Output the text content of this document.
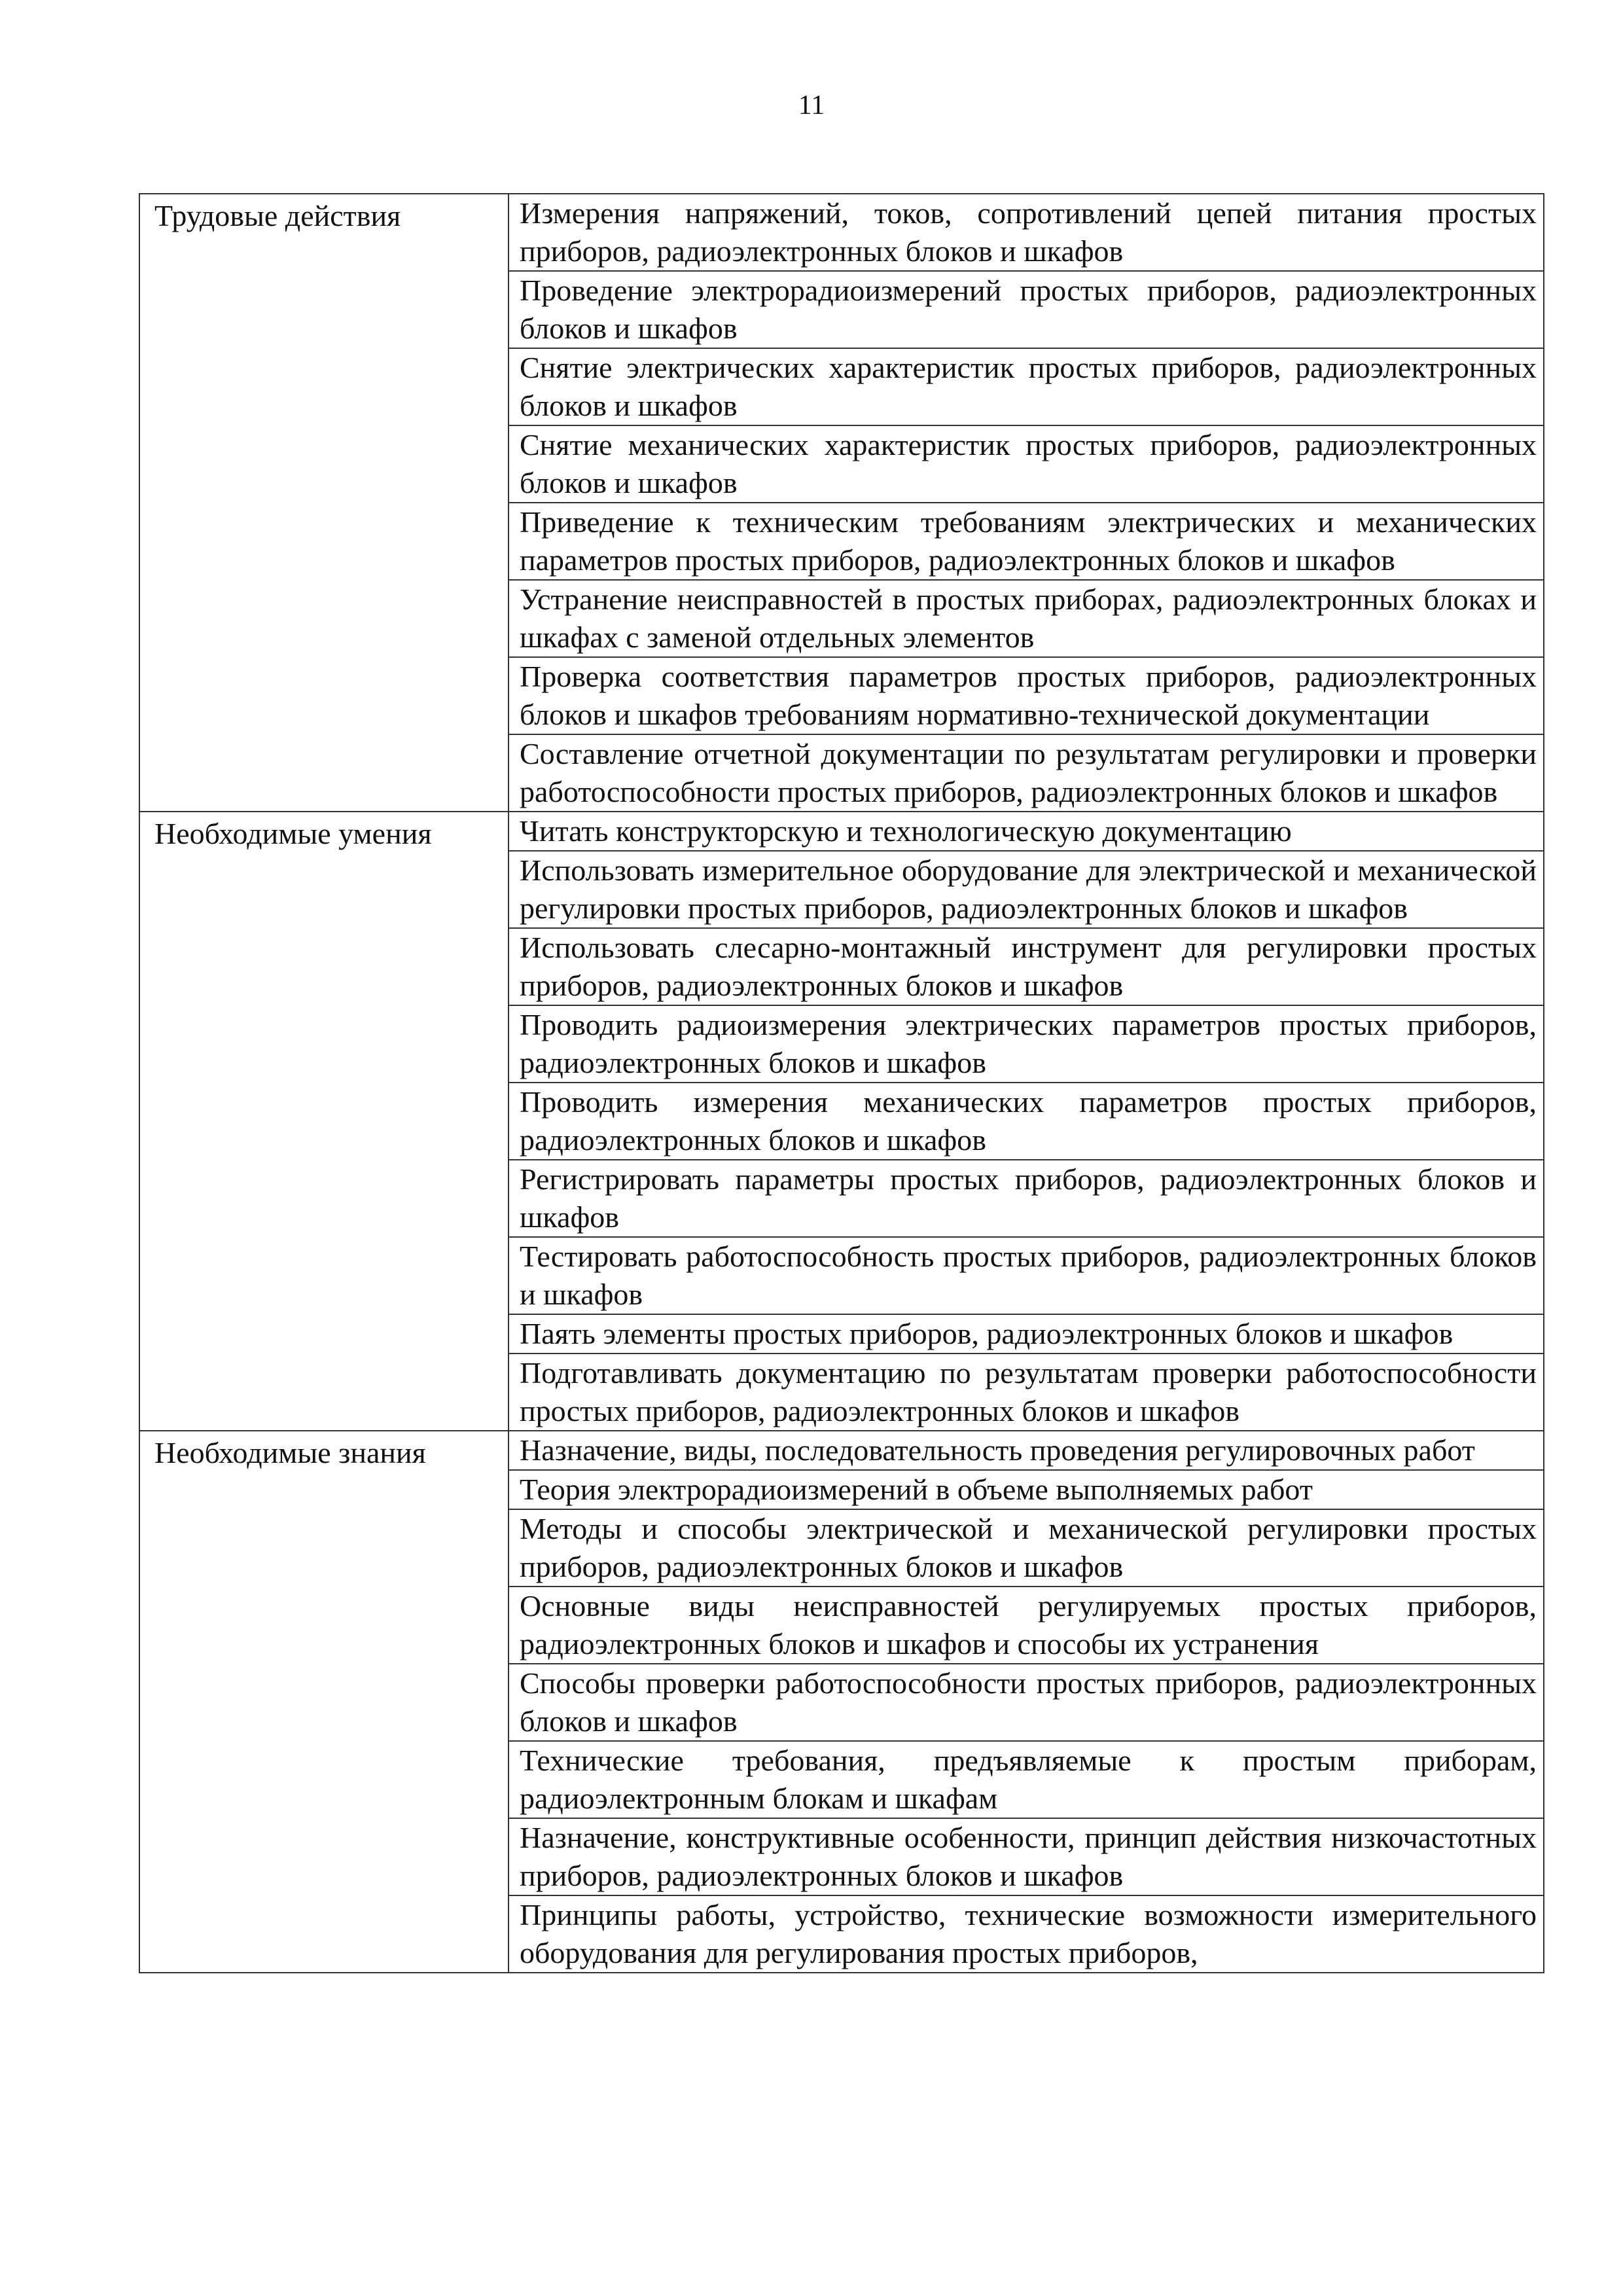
11
Трудовые действия	Измерения напряжений, токов, сопротивлений цепей питания простых приборов, радиоэлектронных блоков и шкафов
	Проведение электрорадиоизмерений простых приборов, радиоэлектронных блоков и шкафов
	Снятие электрических характеристик простых приборов, радиоэлектронных блоков и шкафов
	Снятие механических характеристик простых приборов, радиоэлектронных блоков и шкафов
	Приведение к техническим требованиям электрических и механических параметров простых приборов, радиоэлектронных блоков и шкафов
	Устранение неисправностей в простых приборах, радиоэлектронных блоках и шкафах с заменой отдельных элементов
	Проверка соответствия параметров простых приборов, радиоэлектронных блоков и шкафов требованиям нормативно-технической документации
	Составление отчетной документации по результатам регулировки и проверки работоспособности простых приборов, радиоэлектронных блоков и шкафов
Необходимые умения	Читать конструкторскую и технологическую документацию
	Использовать измерительное оборудование для электрической и механической регулировки простых приборов, радиоэлектронных блоков и шкафов
	Использовать слесарно-монтажный инструмент для регулировки простых приборов, радиоэлектронных блоков и шкафов
	Проводить радиоизмерения электрических параметров простых приборов, радиоэлектронных блоков и шкафов
	Проводить измерения механических параметров простых приборов, радиоэлектронных блоков и шкафов
	Регистрировать параметры простых приборов, радиоэлектронных блоков и шкафов
	Тестировать работоспособность простых приборов, радиоэлектронных блоков и шкафов
	Паять элементы простых приборов, радиоэлектронных блоков и шкафов
	Подготавливать документацию по результатам проверки работоспособности простых приборов, радиоэлектронных блоков и шкафов
Необходимые знания	Назначение, виды, последовательность проведения регулировочных работ
	Теория электрорадиоизмерений в объеме выполняемых работ
	Методы и способы электрической и механической регулировки простых приборов, радиоэлектронных блоков и шкафов
	Основные виды неисправностей регулируемых простых приборов, радиоэлектронных блоков и шкафов и способы их устранения
	Способы проверки работоспособности простых приборов, радиоэлектронных блоков и шкафов
	Технические требования, предъявляемые к простым приборам, радиоэлектронным блокам и шкафам
	Назначение, конструктивные особенности, принцип действия низкочастотных приборов, радиоэлектронных блоков и шкафов
	Принципы работы, устройство, технические возможности измерительного оборудования для регулирования простых приборов,
